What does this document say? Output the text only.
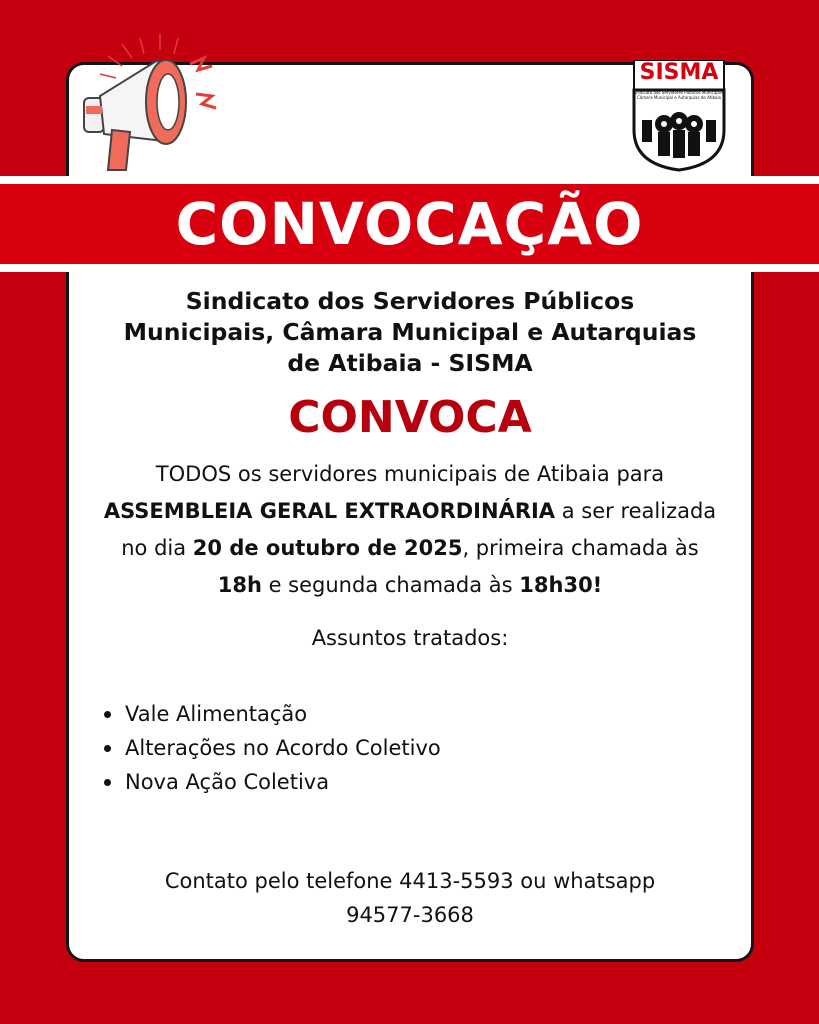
SISMA
Sindicato dos Servidores Públicos Municipais, Câmara Municipal e Autarquias de Atibaia
CONVOCAÇÃO
Sindicato dos Servidores Públicos
Municipais, Câmara Municipal e Autarquias
de Atibaia - SISMA
CONVOCA
TODOS os servidores municipais de Atibaia para
ASSEMBLEIA GERAL EXTRAORDINÁRIA a ser realizada
no dia 20 de outubro de 2025, primeira chamada às
18h e segunda chamada às 18h30!
Assuntos tratados:
Vale Alimentação
Alterações no Acordo Coletivo
Nova Ação Coletiva
Contato pelo telefone 4413-5593 ou whatsapp
94577-3668
